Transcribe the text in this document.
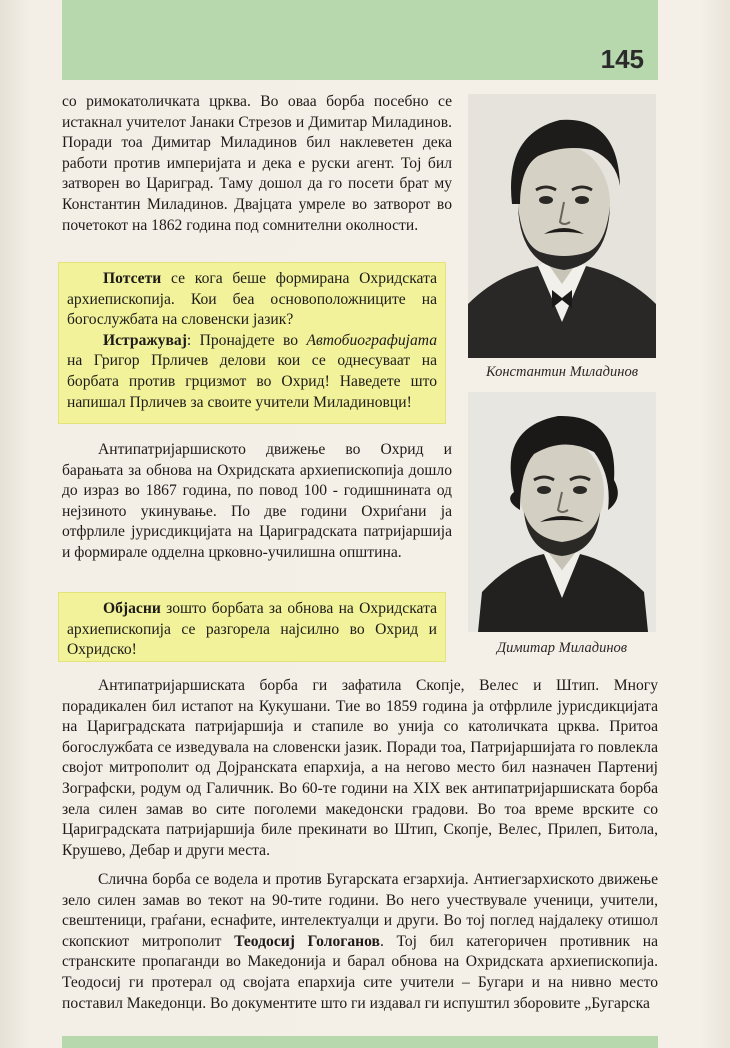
145

со римокатоличката црква. Во оваа борба посебно се истакнал учителот Јанаки Стрезов и Димитар Миладинов. Поради тоа Димитар Миладинов бил наклеветен дека работи против империјата и дека е руски агент. Тој бил затворен во Цариград. Таму дошол да го посети брат му Константин Миладинов. Двајцата умреле во затворот во почетокот на 1862 година под сомнителни околности.

Потсети се кога беше формирана Охридската архиепископија. Кои беа основоположниците на богослужбата на словенски јазик?

Истражувај: Пронајдете во Автобиографијата на Григор Прличев делови кои се однесуваат на борбата против грцизмот во Охрид! Наведете што напишал Прличев за своите учители Миладиновци!

Антипатријаршиското движење во Охрид и барањата за обнова на Охридската архиепископија дошло до израз во 1867 година, по повод 100 - годишнината од нејзиното укинување. По две години Охриѓани ја отфрлиле јурисдикцијата на Цариградската патријаршија и формирале одделна црковно-училишна општина.

Објасни зошто борбата за обнова на Охридската архиепископија се разгорела најсилно во Охрид и Охридско!

Константин Миладинов
Димитар Миладинов

Антипатријаршиската борба ги зафатила Скопје, Велес и Штип. Многу порадикален бил истапот на Кукушани. Тие во 1859 година ја отфрлиле јурисдикцијата на Цариградската патријаршија и стапиле во унија со католичката црква. Притоа богослужбата се изведувала на словенски јазик. Поради тоа, Патријаршијата го повлекла својот митрополит од Дојранската епархија, а на негово место бил назначен Партениј Зографски, родум од Галичник. Во 60-те години на XIX век антипатријаршиската борба зела силен замав во сите поголеми македонски градови. Во тоа време врските со Цариградската патријаршија биле прекинати во Штип, Скопје, Велес, Прилеп, Битола, Крушево, Дебар и други места.

Слична борба се водела и против Бугарската егзархија. Антиегзархиското движење зело силен замав во текот на 90-тите години. Во него учествувале ученици, учители, свештеници, граѓани, еснафите, интелектуалци и други. Во тој поглед најдалеку отишол скопскиот митрополит Теодосиј Гологанов. Тој бил категоричен противник на странските пропаганди во Македонија и барал обнова на Охридската архиепископија. Теодосиј ги протерал од својата епархија сите учители – Бугари и на нивно место поставил Македонци. Во документите што ги издавал ги испуштил зборовите „Бугарска
